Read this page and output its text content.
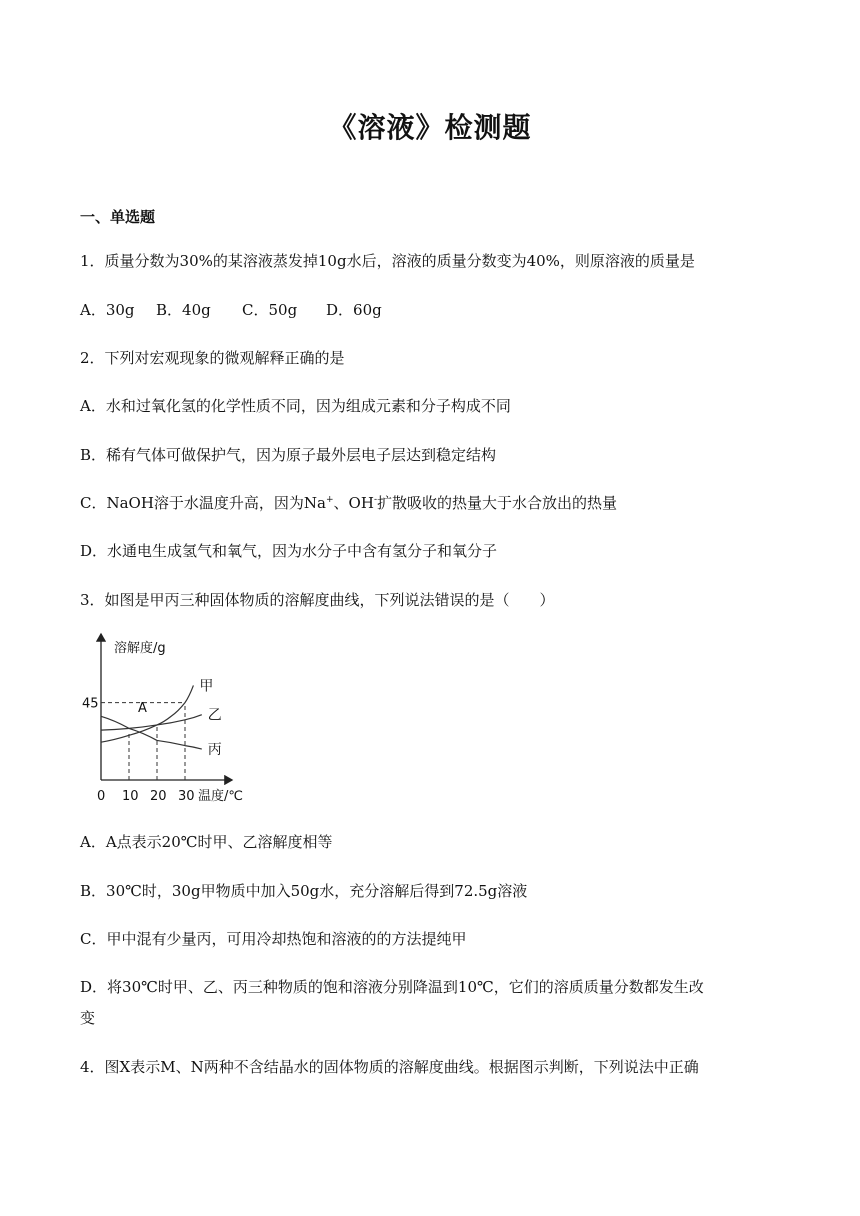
《溶液》检测题
一、单选题
1．质量分数为30%的某溶液蒸发掉10g水后，溶液的质量分数变为40%，则原溶液的质量是
A．30g B．40g C．50g D．60g
2．下列对宏观现象的微观解释正确的是
A．水和过氧化氢的化学性质不同，因为组成元素和分子构成不同
B．稀有气体可做保护气，因为原子最外层电子层达到稳定结构
C．NaOH溶于水温度升高，因为Na+、OH-扩散吸收的热量大于水合放出的热量
D．水通电生成氢气和氧气，因为水分子中含有氢分子和氧分子
3．如图是甲丙三种固体物质的溶解度曲线，下列说法错误的是（　　）
溶解度/g
温度/℃
A
甲
乙
丙
0 10 20 30
45
A．A点表示20℃时甲、乙溶解度相等
B．30℃时，30g甲物质中加入50g水，充分溶解后得到72.5g溶液
C．甲中混有少量丙，可用冷却热饱和溶液的的方法提纯甲
D．将30℃时甲、乙、丙三种物质的饱和溶液分别降温到10℃，它们的溶质质量分数都发生改
变
4．图X表示M、N两种不含结晶水的固体物质的溶解度曲线。根据图示判断，下列说法中正确
